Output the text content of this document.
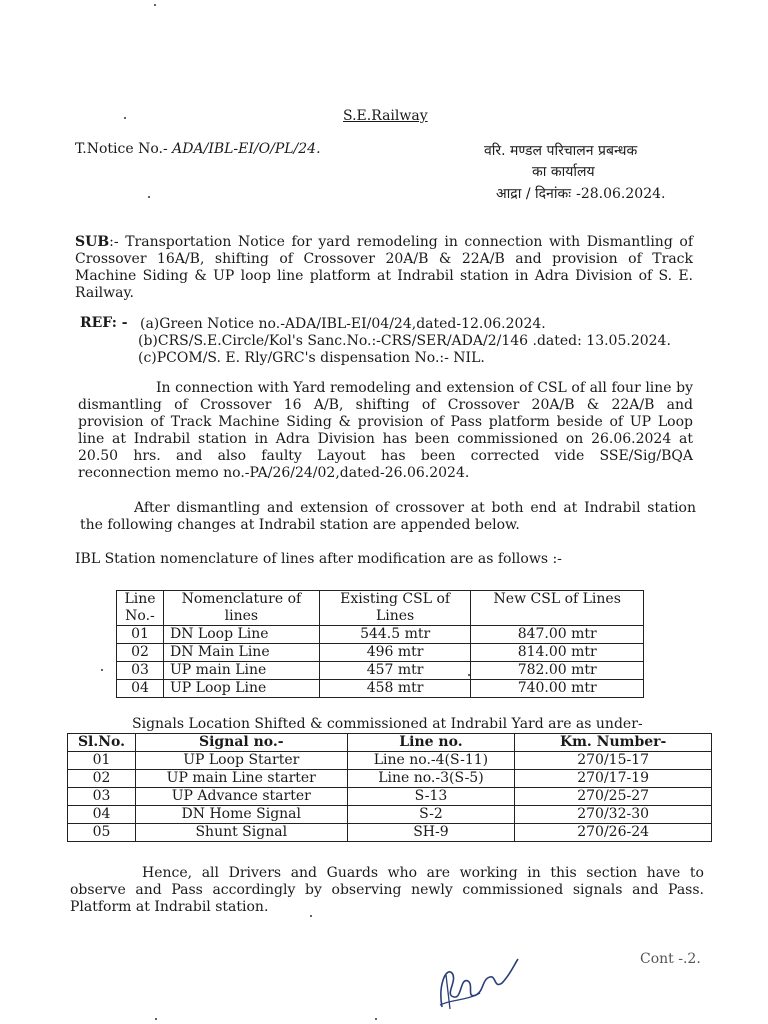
S.E.Railway
T.Notice No.- ADA/IBL-EI/O/PL/24.	वरि. मण्डल परिचालन प्रबन्धक
का कार्यालय
आद्रा / दिनांकः -28.06.2024.
SUB:- Transportation Notice for yard remodeling in connection with Dismantling of
Crossover 16A/B, shifting of Crossover 20A/B & 22A/B and provision of Track
Machine Siding & UP loop line platform at Indrabil station in Adra Division of S. E.
Railway.
REF: - (a)Green Notice no.-ADA/IBL-EI/04/24,dated-12.06.2024.
(b)CRS/S.E.Circle/Kol's Sanc.No.:-CRS/SER/ADA/2/146 .dated: 13.05.2024.
(c)PCOM/S. E. Rly/GRC's dispensation No.:- NIL.
In connection with Yard remodeling and extension of CSL of all four line by
dismantling of Crossover 16 A/B, shifting of Crossover 20A/B & 22A/B and
provision of Track Machine Siding & provision of Pass platform beside of UP Loop
line at Indrabil station in Adra Division has been commissioned on 26.06.2024 at
20.50 hrs. and also faulty Layout has been corrected vide SSE/Sig/BQA
reconnection memo no.-PA/26/24/02,dated-26.06.2024.
After dismantling and extension of crossover at both end at Indrabil station
the following changes at Indrabil station are appended below.
IBL Station nomenclature of lines after modification are as follows :-
Line
No.-	Nomenclature of
lines	Existing CSL of
Lines	New CSL of Lines
01	DN Loop Line	544.5 mtr	847.00 mtr
02	DN Main Line	496 mtr	814.00 mtr
03	UP main Line	457 mtr	782.00 mtr
04	UP Loop Line	458 mtr	740.00 mtr
Signals Location Shifted & commissioned at Indrabil Yard are as under-
Sl.No.	Signal no.-	Line no.	Km. Number-
01	UP Loop Starter	Line no.-4(S-11)	270/15-17
02	UP main Line starter	Line no.-3(S-5)	270/17-19
03	UP Advance starter	S-13	270/25-27
04	DN Home Signal	S-2	270/32-30
05	Shunt Signal	SH-9	270/26-24
Hence, all Drivers and Guards who are working in this section have to
observe and Pass accordingly by observing newly commissioned signals and Pass.
Platform at Indrabil station.
Cont -.2.
